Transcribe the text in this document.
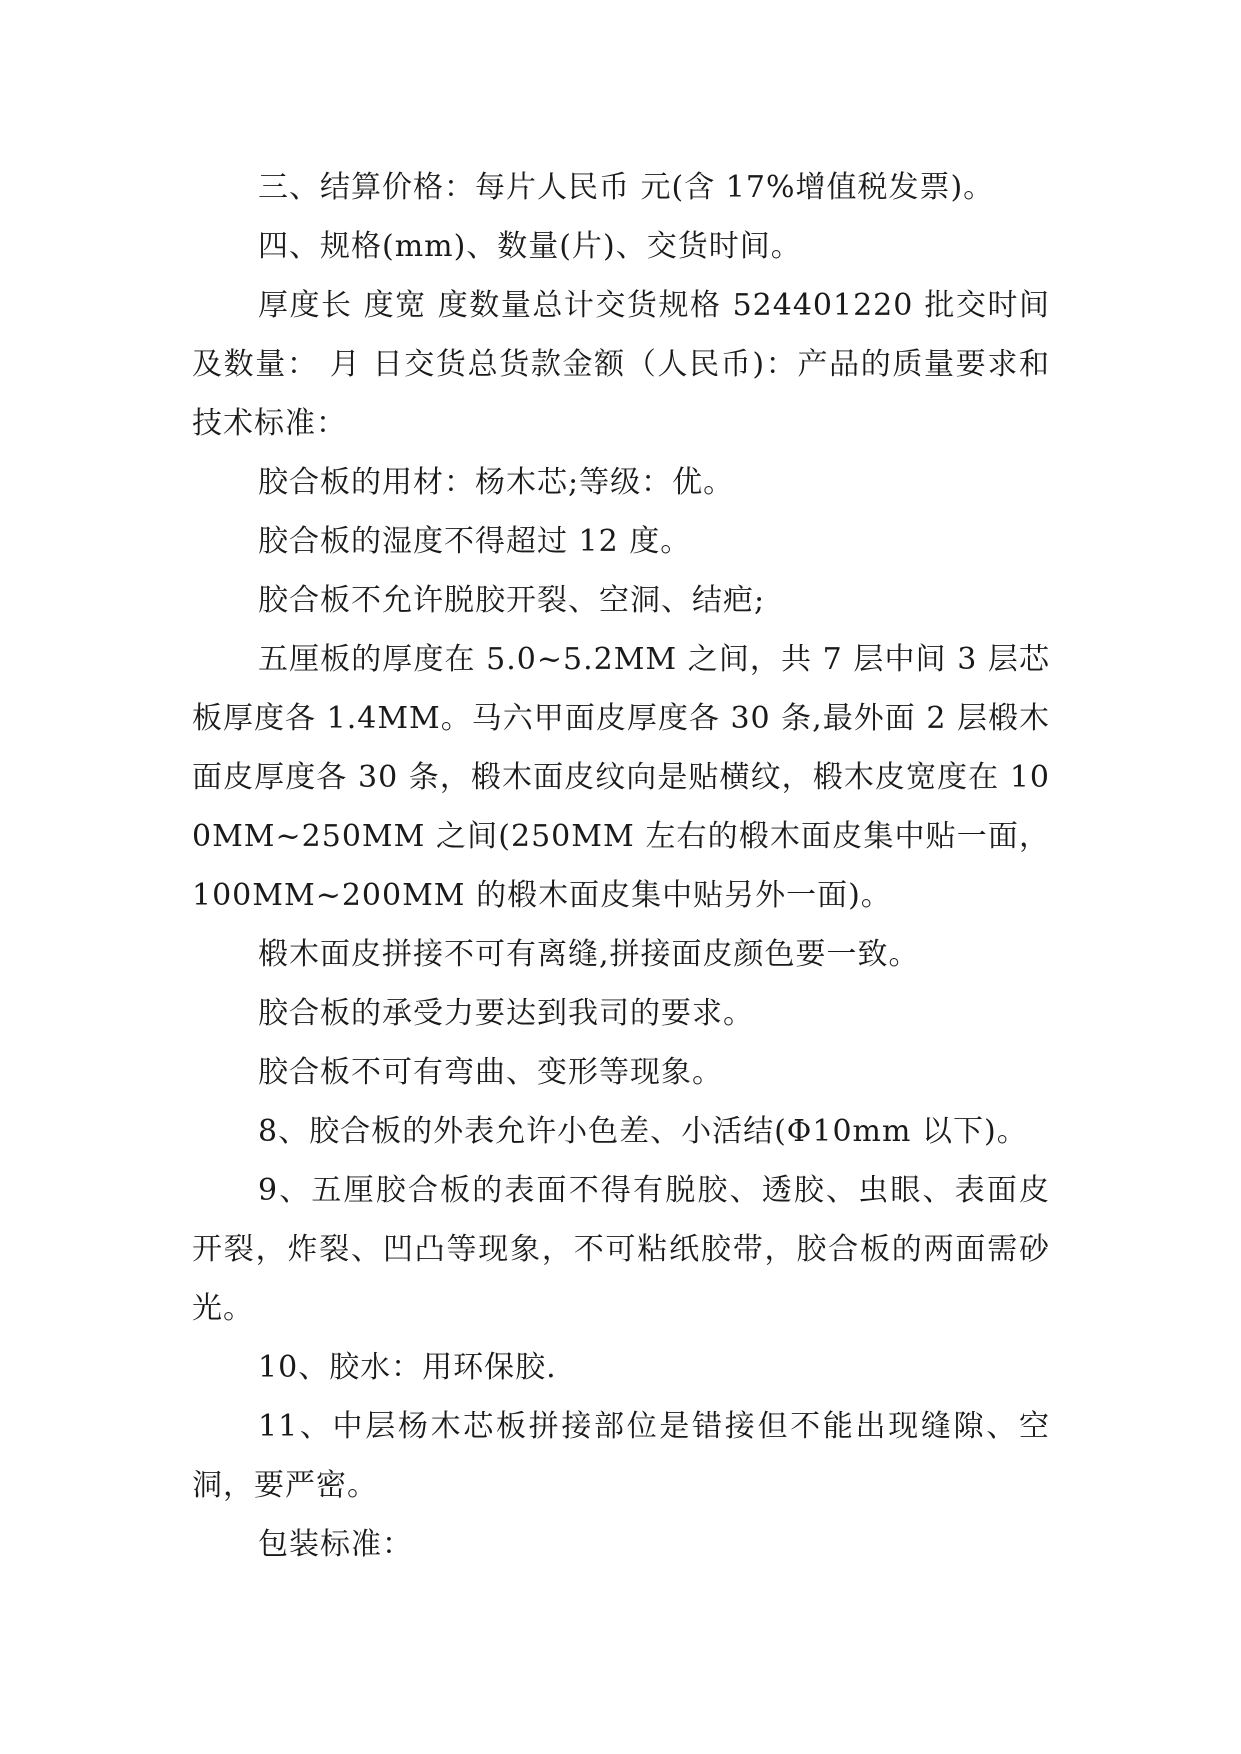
三、结算价格：每片人民币 元(含 17%增值税发票)。

四、规格(mm)、数量(片)、交货时间。

厚度长 度宽 度数量总计交货规格 524401220 批交时间及数量： 月 日交货总货款金额（人民币)：产品的质量要求和技术标准：

胶合板的用材：杨木芯;等级：优。

胶合板的湿度不得超过 12 度。

胶合板不允许脱胶开裂、空洞、结疤;

五厘板的厚度在 5.0~5.2MM 之间，共 7 层中间 3 层芯板厚度各 1.4MM。马六甲面皮厚度各 30 条,最外面 2 层椴木面皮厚度各 30 条，椴木面皮纹向是贴横纹，椴木皮宽度在 100MM~250MM 之间(250MM 左右的椴木面皮集中贴一面，100MM~200MM 的椴木面皮集中贴另外一面)。

椴木面皮拼接不可有离缝,拼接面皮颜色要一致。

胶合板的承受力要达到我司的要求。

胶合板不可有弯曲、变形等现象。

8、胶合板的外表允许小色差、小活结(Φ10mm 以下)。

9、五厘胶合板的表面不得有脱胶、透胶、虫眼、表面皮开裂，炸裂、凹凸等现象，不可粘纸胶带，胶合板的两面需砂光。

10、胶水：用环保胶.

11、中层杨木芯板拼接部位是错接但不能出现缝隙、空洞，要严密。

包装标准：
